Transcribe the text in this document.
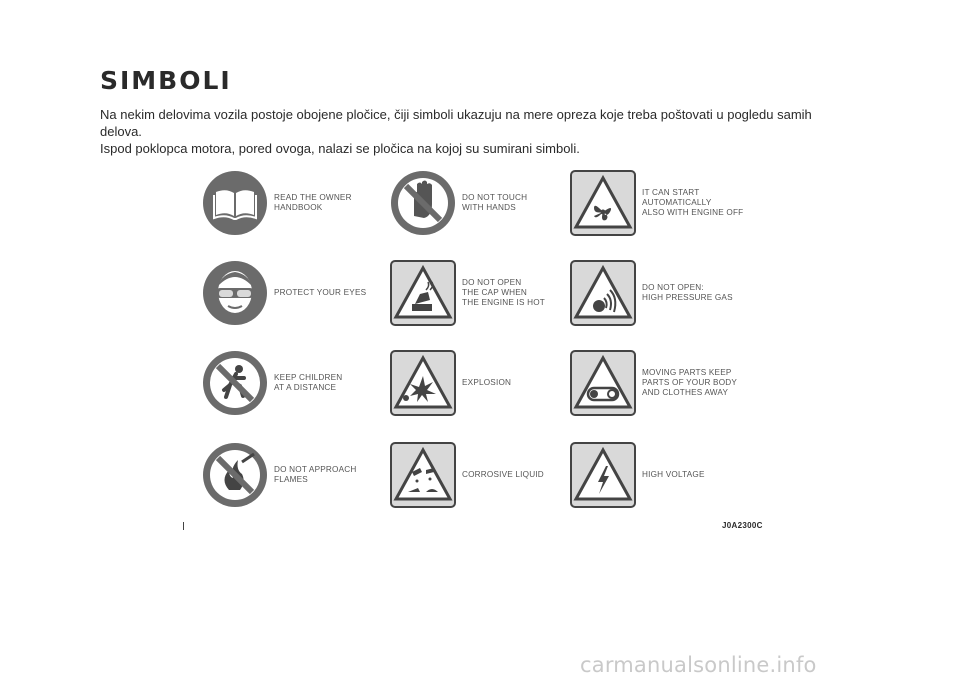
SIMBOLI

Na nekim delovima vozila postoje obojene pločice, čiji simboli ukazuju na mere opreza koje treba poštovati u pogledu samih delova.

Ispod poklopca motora, pored ovoga, nalazi se pločica na kojoj su sumirani simboli.

READ THE OWNER
HANDBOOK
PROTECT YOUR EYES
KEEP CHILDREN
AT A DISTANCE
DO NOT APPROACH
FLAMES
DO NOT TOUCH
WITH HANDS
DO NOT OPEN
THE CAP WHEN
THE ENGINE IS HOT
EXPLOSION
CORROSIVE LIQUID
IT CAN START
AUTOMATICALLY
ALSO WITH ENGINE OFF
DO NOT OPEN:
HIGH PRESSURE GAS
MOVING PARTS KEEP
PARTS OF YOUR BODY
AND CLOTHES AWAY
HIGH VOLTAGE
J0A2300C
carmanualsonline.info
